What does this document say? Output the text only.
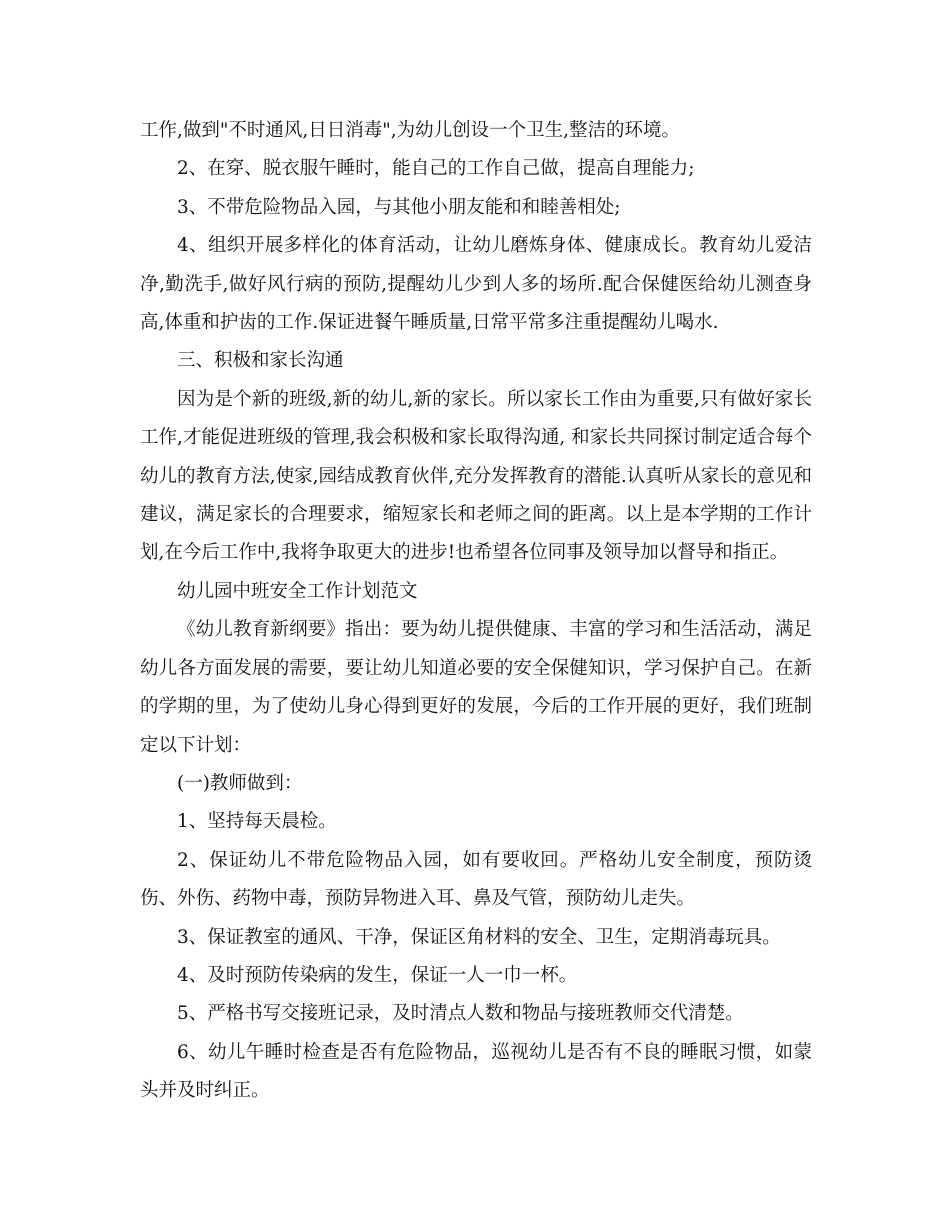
工作,做到"不时通风,日日消毒",为幼儿创设一个卫生,整洁的环境。

2、在穿、脱衣服午睡时，能自己的工作自己做，提高自理能力;

3、不带危险物品入园，与其他小朋友能和和睦善相处;

4、组织开展多样化的体育活动，让幼儿磨炼身体、健康成长。教育幼儿爱洁净,勤洗手,做好风行病的预防,提醒幼儿少到人多的场所.配合保健医给幼儿测查身高,体重和护齿的工作.保证进餐午睡质量,日常平常多注重提醒幼儿喝水.

三、积极和家长沟通

因为是个新的班级,新的幼儿,新的家长。所以家长工作由为重要,只有做好家长工作,才能促进班级的管理,我会积极和家长取得沟通, 和家长共同探讨制定适合每个幼儿的教育方法,使家,园结成教育伙伴,充分发挥教育的潜能.认真听从家长的意见和建议，满足家长的合理要求，缩短家长和老师之间的距离。以上是本学期的工作计划,在今后工作中,我将争取更大的进步!也希望各位同事及领导加以督导和指正。

幼儿园中班安全工作计划范文

《幼儿教育新纲要》指出：要为幼儿提供健康、丰富的学习和生活活动，满足幼儿各方面发展的需要，要让幼儿知道必要的安全保健知识，学习保护自己。在新的学期的里，为了使幼儿身心得到更好的发展，今后的工作开展的更好，我们班制定以下计划：

(一)教师做到：

1、坚持每天晨检。

2、保证幼儿不带危险物品入园，如有要收回。严格幼儿安全制度，预防烫伤、外伤、药物中毒，预防异物进入耳、鼻及气管，预防幼儿走失。

3、保证教室的通风、干净，保证区角材料的安全、卫生，定期消毒玩具。

4、及时预防传染病的发生，保证一人一巾一杯。

5、严格书写交接班记录，及时清点人数和物品与接班教师交代清楚。

6、幼儿午睡时检查是否有危险物品，巡视幼儿是否有不良的睡眠习惯，如蒙头并及时纠正。
